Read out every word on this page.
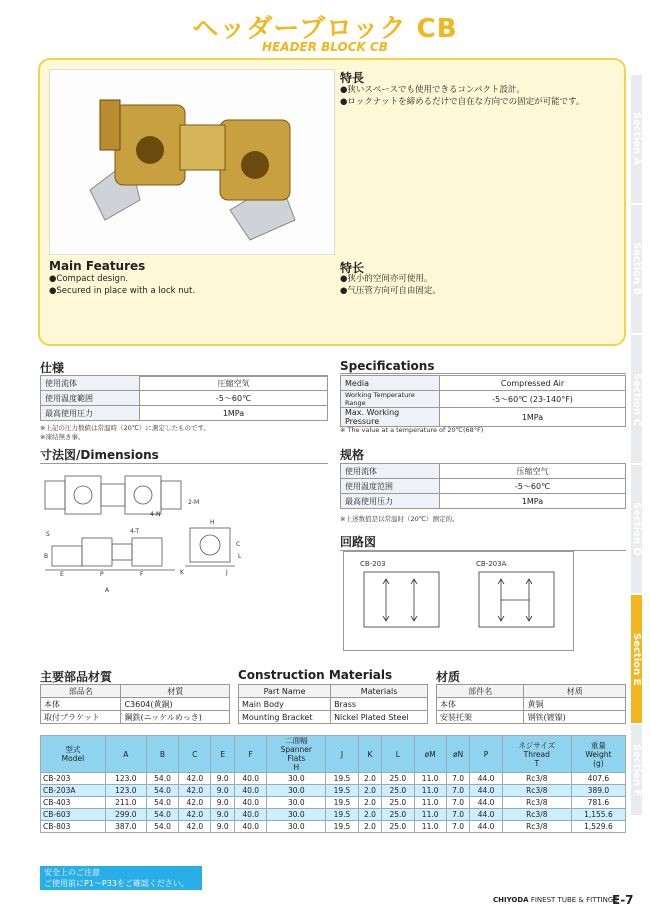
ヘッダーブロック CB
HEADER BLOCK CB
Section A
Section B
Section C
Section D
Section E
Section F
特長
●狭いスペースでも使用できるコンパクト設計。
●ロックナットを締めるだけで自在な方向での固定が可能です。
Main Features
●Compact design.
●Secured in place with a lock nut.
特长
●狭小的空间亦可使用。
●气压管方向可自由固定。
仕様
使用流体	圧縮空気
使用温度範囲	-5～60℃
最高使用圧力	1MPa
※上記の圧力数値は常温時（20℃）に測定したものです。
※凍結無き事。
Specifications
Media	Compressed Air
Working Temperature Range	-5～60℃ (23-140°F)
Max. Working Pressure	1MPa
※ The value at a temperature of 20℃(68°F)
寸法図/Dimensions
2-M
4-N
4-T
A
B
C
E	F
H
J
K
L
P
S
规格
使用流体	压缩空气
使用温度范围	-5～60℃
最高使用压力	1MPa
※上述数值是以常温时（20℃）测定的。
回路図
CB-203	CB-203A
主要部品材質
部品名	材質
本体	C3604(黄銅)
取付ブラケット	鋼鉄(ニッケルめっき)
Construction Materials
Part Name	Materials
Main Body	Brass
Mounting Bracket	Nickel Plated Steel
材质
部件名	材质
本体	黄铜
安装托架	钢铁(镀镍)
型式
Model	A	B	C	E	F	二面幅
Spanner
Flats
H	J	K	L	øM	øN	P	ネジサイズ
Thread
T	重量
Weight
(g)
CB-203	123.0	54.0	42.0	9.0	40.0	30.0	19.5	2.0	25.0	11.0	7.0	44.0	Rc3/8	407.6
CB-203A	123.0	54.0	42.0	9.0	40.0	30.0	19.5	2.0	25.0	11.0	7.0	44.0	Rc3/8	389.0
CB-403	211.0	54.0	42.0	9.0	40.0	30.0	19.5	2.0	25.0	11.0	7.0	44.0	Rc3/8	781.6
CB-603	299.0	54.0	42.0	9.0	40.0	30.0	19.5	2.0	25.0	11.0	7.0	44.0	Rc3/8	1,155.6
CB-803	387.0	54.0	42.0	9.0	40.0	30.0	19.5	2.0	25.0	11.0	7.0	44.0	Rc3/8	1,529.6
安全上のご注意
ご使用前にP1～P33をご確認ください。
CHIYODA FINEST TUBE & FITTINGS
E-7
